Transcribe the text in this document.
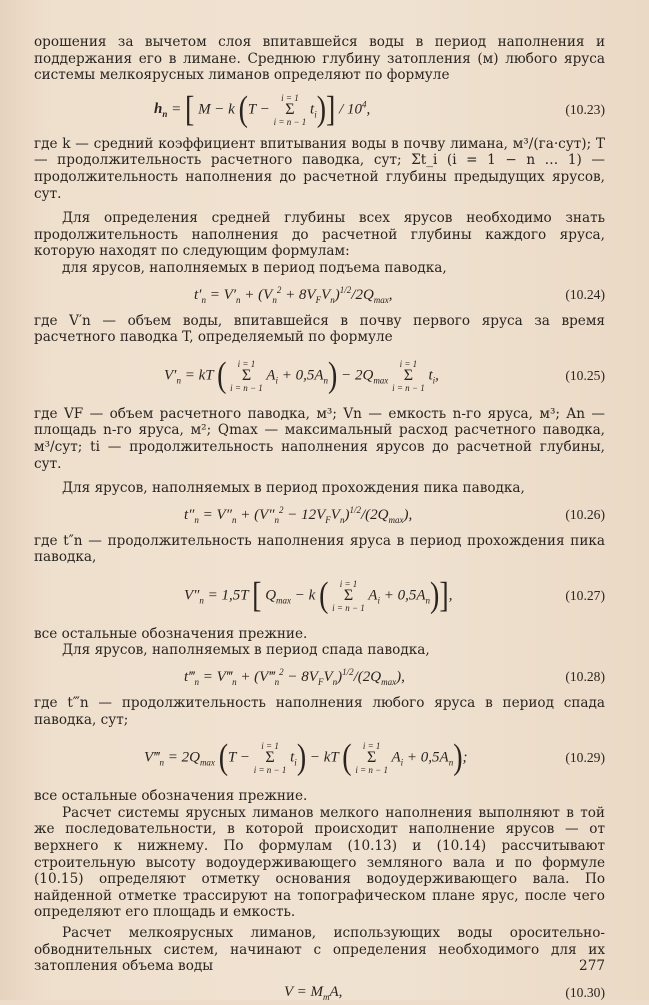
орошения за вычетом слоя впитавшейся воды в период наполнения и поддержания его в лимане. Среднюю глубину затопления (м) любого яруса системы мелкоярусных лиманов определяют по формуле

$h_n$ = [ M − k (T −
i = 1
Σ
i = n − 1
$t_i)] / 10^4$,	(10.23)

где k — средний коэффициент впитывания воды в почву лимана, м³/(га·сут); T — продолжительность расчетного паводка, сут; Σt_i (i = 1 − n … 1) — продолжительность наполнения до расчетной глубины предыдущих ярусов, сут.

Для определения средней глубины всех ярусов необходимо знать продолжительность наполнения до расчетной глубины каждого яруса, которую находят по следующим формулам:

для ярусов, наполняемых в период подъема паводка,

$t'_n = V'_n + (V_n^2 + 8V_FV_n)^{1/2}/2Q_{max}$,	(10.24)

где V′n — объем воды, впитавшейся в почву первого яруса за время расчетного паводка T, определяемый по формуле

$V'_n$ = kT (	i = 1
Σ
i = n − 1
$A_i + 0,5A_n) - 2Q_{max}$
i = 1
Σ
i = n − 1
$t_i$,	(10.25)

где VF — объем расчетного паводка, м³; Vn — емкость n-го яруса, м³; An — площадь n-го яруса, м²; Qmax — максимальный расход расчетного паводка, м³/сут; ti — продолжительность наполнения ярусов до расчетной глубины, сут.

Для ярусов, наполняемых в период прохождения пика паводка,

$t''_n = V''_n + (V''_n^2 - 12V_FV_n)^{1/2}/(2Q_{max})$,	(10.26)

где t″n — продолжительность наполнения яруса в период прохождения пика паводка,

$V''_n = 1,5T$ [ $Q_{max} - k$ (	i = 1
Σ
i = n − 1
$A_i + 0,5A_n$)],	(10.27)

все остальные обозначения прежние.

Для ярусов, наполняемых в период спада паводка,

$t‴_n$ = $V‴_n$ + $(V‴_n^2 - 8V_FV_n)^{1/2}/(2Q_{max})$,	(10.28)

где t‴n — продолжительность наполнения любого яруса в период спада паводка, сут;

$V‴_n = 2Q_{max}$ (T −
i = 1
Σ
i = n − 1
$t_i$) − kT (	i = 1
Σ
i = n − 1
$A_i + 0,5A_n$);	(10.29)

все остальные обозначения прежние.

Расчет системы ярусных лиманов мелкого наполнения выполняют в той же последовательности, в которой происходит наполнение ярусов — от верхнего к нижнему. По формулам (10.13) и (10.14) рассчитывают строительную высоту водоудерживающего земляного вала и по формуле (10.15) определяют отметку основания водоудерживающего вала. По найденной отметке трассируют на топографическом плане ярус, после чего определяют его площадь и емкость.

Расчет мелкоярусных лиманов, использующих воды оросительно-обводнительных систем, начинают с определения необходимого для их затопления объема воды

$V = M_mA$,	(10.30)
277
